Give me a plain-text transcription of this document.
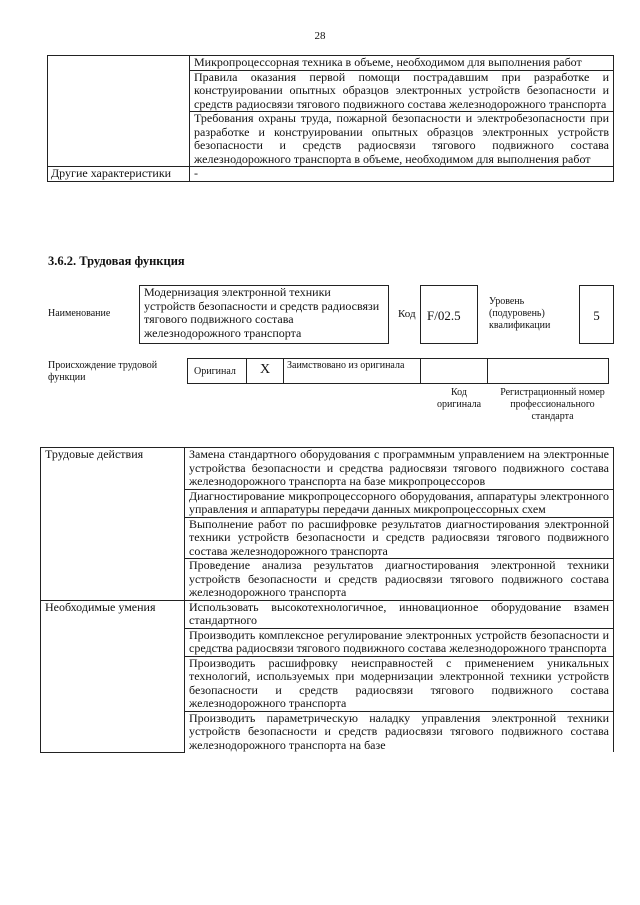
28
	Микропроцессорная техника в объеме, необходимом для выполнения работ
	Правила оказания первой помощи пострадавшим при разработке и конструировании опытных образцов электронных устройств безопасности и средств радиосвязи тягового подвижного состава железнодорожного транспорта
	Требования охраны труда, пожарной безопасности и электробезопасности при разработке и конструировании опытных образцов электронных устройств безопасности и средств радиосвязи тягового подвижного состава железнодорожного транспорта в объеме, необходимом для выполнения работ
Другие характеристики	-
3.6.2. Трудовая функция
Наименование
Модернизация электронной техники устройств безопасности и средств радиосвязи тягового подвижного состава железнодорожного транспорта
Код F/02.5
Уровень (подуровень) квалификации
5
Происхождение трудовой функции
Оригинал	X	Заимствовано из оригинала
Код оригинала
Регистрационный номер профессионального стандарта
Трудовые действия	Замена стандартного оборудования с программным управлением на электронные устройства безопасности и средства радиосвязи тягового подвижного состава железнодорожного транспорта на базе микропроцессоров
	Диагностирование микропроцессорного оборудования, аппаратуры электронного управления и аппаратуры передачи данных микропроцессорных схем
	Выполнение работ по расшифровке результатов диагностирования электронной техники устройств безопасности и средств радиосвязи тягового подвижного состава железнодорожного транспорта
	Проведение анализа результатов диагностирования электронной техники устройств безопасности и средств радиосвязи тягового подвижного состава железнодорожного транспорта
Необходимые умения	Использовать высокотехнологичное, инновационное оборудование взамен стандартного
	Производить комплексное регулирование электронных устройств безопасности и средства радиосвязи тягового подвижного состава железнодорожного транспорта
	Производить расшифровку неисправностей с применением уникальных технологий, используемых при модернизации электронной техники устройств безопасности и средств радиосвязи тягового подвижного состава железнодорожного транспорта
	Производить параметрическую наладку управления электронной техники устройств безопасности и средств радиосвязи тягового подвижного состава железнодорожного транспорта на базе
